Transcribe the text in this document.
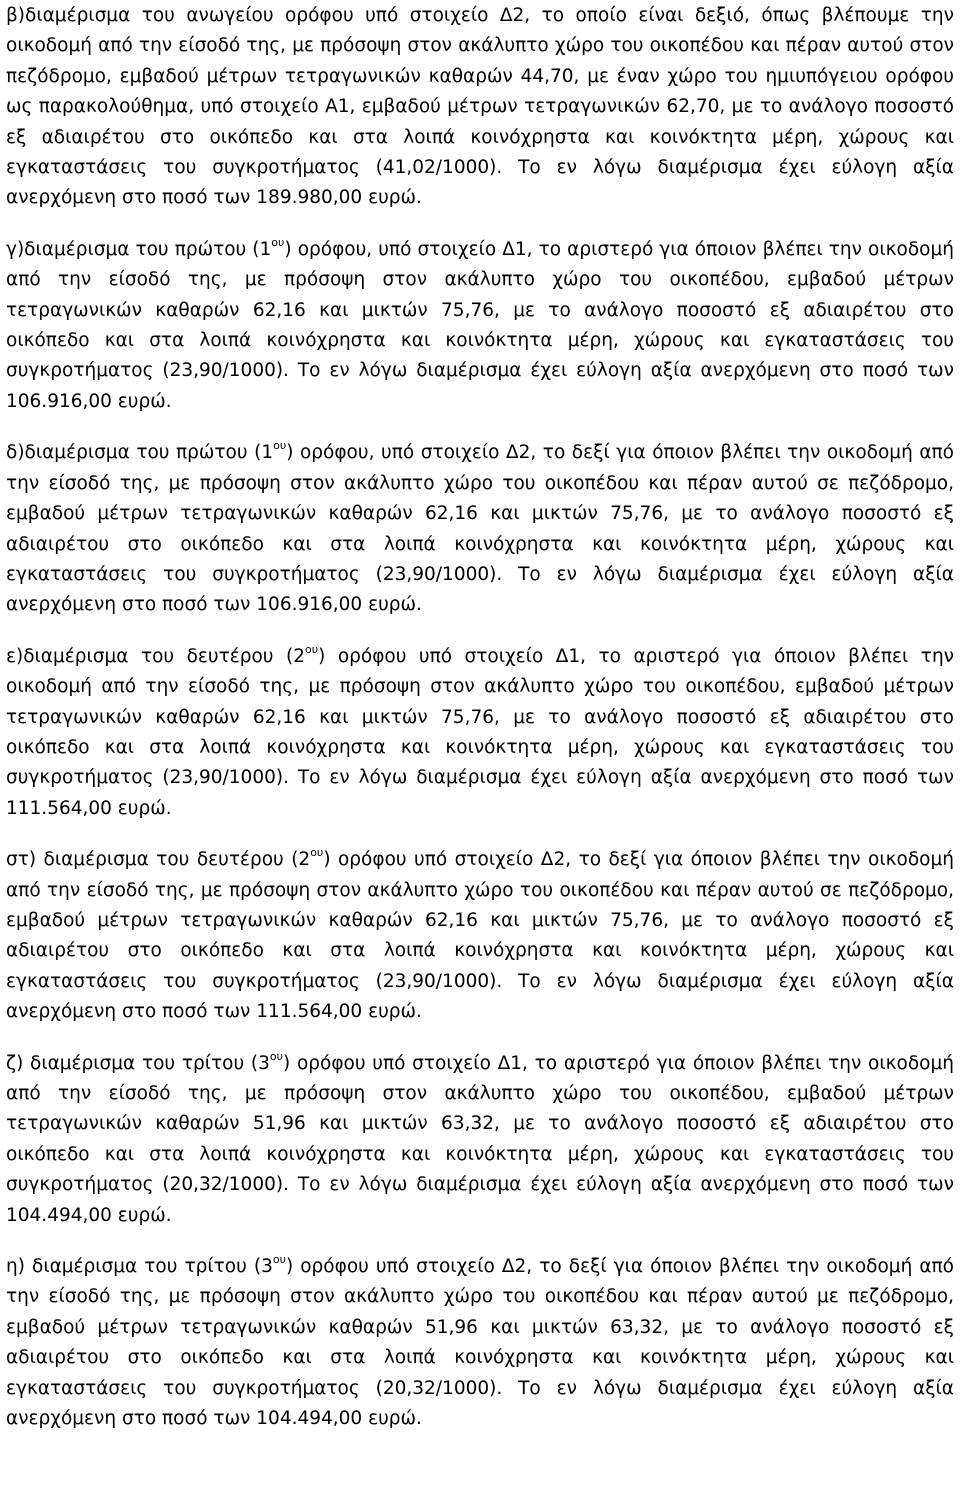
β)διαμέρισμα του ανωγείου ορόφου υπό στοιχείο Δ2, το οποίο είναι δεξιό, όπως βλέπουμε την οικοδομή από την είσοδό της, με πρόσοψη στον ακάλυπτο χώρο του οικοπέδου και πέραν αυτού στον πεζόδρομο, εμβαδού μέτρων τετραγωνικών καθαρών 44,70, με έναν χώρο του ημιυπόγειου ορόφου ως παρακολούθημα, υπό στοιχείο Α1, εμβαδού μέτρων τετραγωνικών 62,70, με το ανάλογο ποσοστό εξ αδιαιρέτου στο οικόπεδο και στα λοιπά κοινόχρηστα και κοινόκτητα μέρη, χώρους και εγκαταστάσεις του συγκροτήματος (41,02/1000). Το εν λόγω διαμέρισμα έχει εύλογη αξία ανερχόμενη στο ποσό των 189.980,00 ευρώ.

γ)διαμέρισμα του πρώτου $(1^{o\upsilon})$ ορόφου, υπό στοιχείο Δ1, το αριστερό για όποιον βλέπει την οικοδομή από την είσοδό της, με πρόσοψη στον ακάλυπτο χώρο του οικοπέδου, εμβαδού μέτρων τετραγωνικών καθαρών 62,16 και μικτών 75,76, με το ανάλογο ποσοστό εξ αδιαιρέτου στο οικόπεδο και στα λοιπά κοινόχρηστα και κοινόκτητα μέρη, χώρους και εγκαταστάσεις του συγκροτήματος (23,90/1000). Το εν λόγω διαμέρισμα έχει εύλογη αξία ανερχόμενη στο ποσό των 106.916,00 ευρώ.

δ)διαμέρισμα του πρώτου $(1^{o\upsilon})$ ορόφου, υπό στοιχείο Δ2, το δεξί για όποιον βλέπει την οικοδομή από την είσοδό της, με πρόσοψη στον ακάλυπτο χώρο του οικοπέδου και πέραν αυτού σε πεζόδρομο, εμβαδού μέτρων τετραγωνικών καθαρών 62,16 και μικτών 75,76, με το ανάλογο ποσοστό εξ αδιαιρέτου στο οικόπεδο και στα λοιπά κοινόχρηστα και κοινόκτητα μέρη, χώρους και εγκαταστάσεις του συγκροτήματος (23,90/1000). Το εν λόγω διαμέρισμα έχει εύλογη αξία ανερχόμενη στο ποσό των 106.916,00 ευρώ.

ε)διαμέρισμα του δευτέρου $(2^{o\upsilon})$ ορόφου υπό στοιχείο Δ1, το αριστερό για όποιον βλέπει την οικοδομή από την είσοδό της, με πρόσοψη στον ακάλυπτο χώρο του οικοπέδου, εμβαδού μέτρων τετραγωνικών καθαρών 62,16 και μικτών 75,76, με το ανάλογο ποσοστό εξ αδιαιρέτου στο οικόπεδο και στα λοιπά κοινόχρηστα και κοινόκτητα μέρη, χώρους και εγκαταστάσεις του συγκροτήματος (23,90/1000). Το εν λόγω διαμέρισμα έχει εύλογη αξία ανερχόμενη στο ποσό των 111.564,00 ευρώ.

στ) διαμέρισμα του δευτέρου $(2^{o\upsilon})$ ορόφου υπό στοιχείο Δ2, το δεξί για όποιον βλέπει την οικοδομή από την είσοδό της, με πρόσοψη στον ακάλυπτο χώρο του οικοπέδου και πέραν αυτού σε πεζόδρομο, εμβαδού μέτρων τετραγωνικών καθαρών 62,16 και μικτών 75,76, με το ανάλογο ποσοστό εξ αδιαιρέτου στο οικόπεδο και στα λοιπά κοινόχρηστα και κοινόκτητα μέρη, χώρους και εγκαταστάσεις του συγκροτήματος (23,90/1000). Το εν λόγω διαμέρισμα έχει εύλογη αξία ανερχόμενη στο ποσό των 111.564,00 ευρώ.

ζ) διαμέρισμα του τρίτου $(3^{o\upsilon})$ ορόφου υπό στοιχείο Δ1, το αριστερό για όποιον βλέπει την οικοδομή από την είσοδό της, με πρόσοψη στον ακάλυπτο χώρο του οικοπέδου, εμβαδού μέτρων τετραγωνικών καθαρών 51,96 και μικτών 63,32, με το ανάλογο ποσοστό εξ αδιαιρέτου στο οικόπεδο και στα λοιπά κοινόχρηστα και κοινόκτητα μέρη, χώρους και εγκαταστάσεις του συγκροτήματος (20,32/1000). Το εν λόγω διαμέρισμα έχει εύλογη αξία ανερχόμενη στο ποσό των 104.494,00 ευρώ.

η) διαμέρισμα του τρίτου $(3^{o\upsilon})$ ορόφου υπό στοιχείο Δ2, το δεξί για όποιον βλέπει την οικοδομή από την είσοδό της, με πρόσοψη στον ακάλυπτο χώρο του οικοπέδου και πέραν αυτού με πεζόδρομο, εμβαδού μέτρων τετραγωνικών καθαρών 51,96 και μικτών 63,32, με το ανάλογο ποσοστό εξ αδιαιρέτου στο οικόπεδο και στα λοιπά κοινόχρηστα και κοινόκτητα μέρη, χώρους και εγκαταστάσεις του συγκροτήματος (20,32/1000). Το εν λόγω διαμέρισμα έχει εύλογη αξία ανερχόμενη στο ποσό των 104.494,00 ευρώ.
